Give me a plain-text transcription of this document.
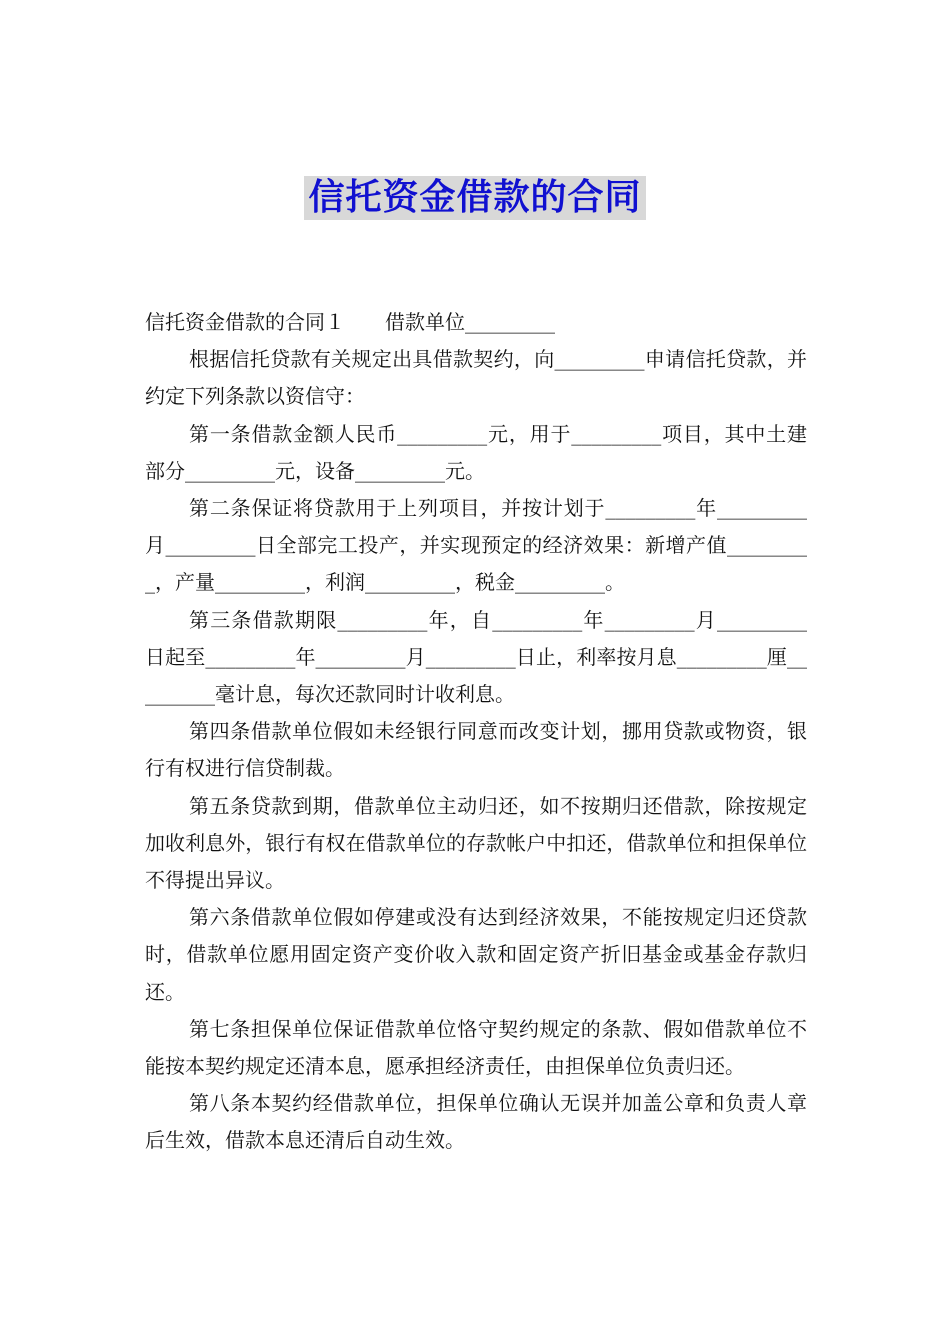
信托资金借款的合同

信托资金借款的合同１ 借款单位_________

根据信托贷款有关规定出具借款契约，向_________申请信托贷款，并约定下列条款以资信守：

第一条借款金额人民币_________元，用于_________项目，其中土建部分_________元，设备_________元。

第二条保证将贷款用于上列项目，并按计划于_________年_________月_________日全部完工投产，并实现预定的经济效果：新增产值_________，产量_________，利润_________，税金_________。

第三条借款期限_________年，自_________年_________月_________日起至_________年_________月_________日止，利率按月息_________厘_________毫计息，每次还款同时计收利息。

第四条借款单位假如未经银行同意而改变计划，挪用贷款或物资，银行有权进行信贷制裁。

第五条贷款到期，借款单位主动归还，如不按期归还借款，除按规定加收利息外，银行有权在借款单位的存款帐户中扣还，借款单位和担保单位不得提出异议。

第六条借款单位假如停建或没有达到经济效果，不能按规定归还贷款时，借款单位愿用固定资产变价收入款和固定资产折旧基金或基金存款归还。

第七条担保单位保证借款单位恪守契约规定的条款、假如借款单位不能按本契约规定还清本息，愿承担经济责任，由担保单位负责归还。

第八条本契约经借款单位，担保单位确认无误并加盖公章和负责人章后生效，借款本息还清后自动生效。
